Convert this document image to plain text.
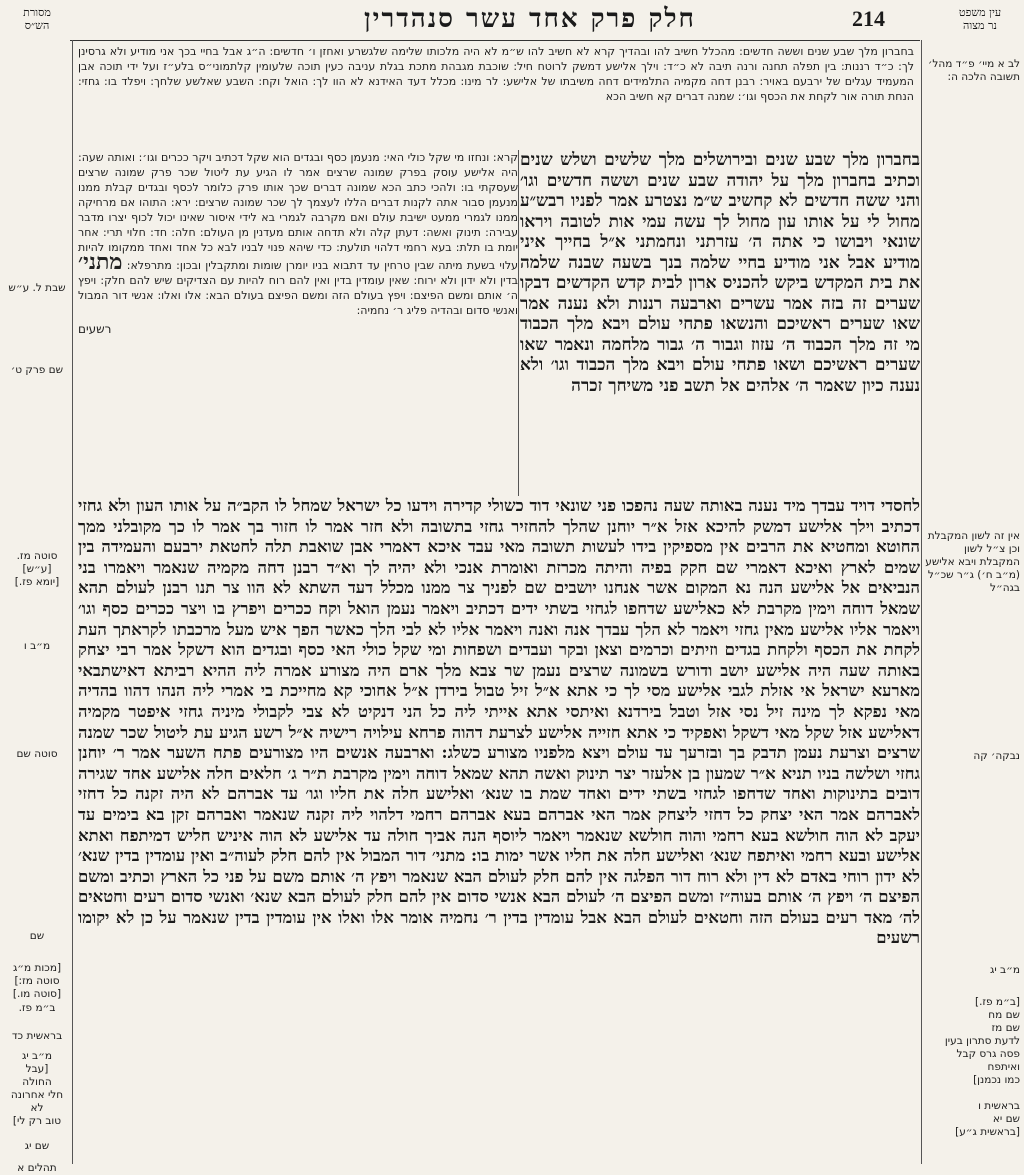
מסורת
הש״ס	חלק פרק אחד עשר סנהדרין	214	עין משפט
נר מצוה

בחברון מלך שבע שנים וששה חדשים: מהכלל חשיב להו ובהדיך קרא לא חשיב להו ש״מ לא היה מלכותו שלימה שלגשרע ואחזן ו׳ חדשים: ה״ג אבל בחיי בכך אני מודיע ולא גרסינן לך: כ״ד רננות: בין תפלה תחנה ורנה תיבה לא כ״ד: וילך אלישע דמשק לרוטח חיל: שוכבת מגבהת מתכת בגלת עניבה כעין תוכה שלעומין קלתמוני״ס בלע״ז ועל ידי תוכה אבן המעמיד עגלים של ירבעם באויר: רבנן דחה מקמיה התלמידים דחה משיבתו של אלישע: לר מינו: מכלל דעד האידנא לא הוו לך: הואל וקח: השבע שאלשע שלחך: ויפלד בו: גחזי: הנחת תורה אור לקחת את הכסף וגו׳: שמנה דברים קא חשיב הכא

קרא: ונחזו מי שקל כולי האי: מנעמן כסף ובגדים הוא שקל דכתיב ויקר ככרים וגו׳: ואותה שעה: היה אלישע עוסק בפרק שמונה שרצים אמר לו הגיע עת ליטול שכר פרק שמונה שרצים שעסקתי בו: ולהכי כתב הכא שמונה דברים שכך אותו פרק כלומר לכסף ובגדים קבלת ממנו מנעמן סבור אתה לקנות דברים הללו לעצמך לך שכר שמונה שרצים: ירא: התוהו אם מרחיקה ממנו לגמרי ממעט ישיבת עולם ואם מקרבה לגמרי בא לידי איסור שאינו יכול לכוף יצרו מדבר עבירה: תינוק ואשה: דעתן קלה ולא תדחה אותם מעדנין מן העולם: חלה: חד: חלוי תרי: אחר יומת בו תלת: בעא רחמי דלהוי תולעת: כדי שיהא פנוי לבניו לבא כל אחד ואחד ממקומו להיות עלוי בשעת מיתה שבין טרחין עד דתבוא בניו יומרן שומות ומתקבלין ובכון: מתרפלא: מתני׳ בדין ולא ידון ולא ירוח: שאין עומדין בדין ואין להם רוח להיות עם הצדיקים שיש להם חלק: ויפץ ה׳ אותם ומשם הפיצם: ויפץ בעולם הזה ומשם הפיצם בעולם הבא: אלו ואלו: אנשי דור המבול ואנשי סדום ובהדיה פליג ר׳ נחמיה:

רשעים

בחברון מלך שבע שנים ובירושלים מלך שלשים ושלש שנים וכתיב בחברון מלך על יהודה שבע שנים וששה חדשים וגו׳ והני ששה חדשים לא קחשיב ש״מ נצטרע אמר לפניו רבש״ע מחול לי על אותו עון מחול לך עשה עמי אות לטובה ויראו שונאי ויבושו כי אתה ה׳ עזרתני ונחמתני א״ל בחייך איני מודיע אבל אני מודיע בחיי שלמה בנך בשעה שבנה שלמה את בית המקדש ביקש להכניס ארון לבית קדש הקדשים דבקו שערים זה בזה אמר עשרים וארבעה רננות ולא נענה אמר שאו שערים ראשיכם והנשאו פתחי עולם ויבא מלך הכבוד מי זה מלך הכבוד ה׳ עזוז וגבור ה׳ גבור מלחמה ונאמר שאו שערים ראשיכם ושאו פתחי עולם ויבא מלך הכבוד וגו׳ ולא נענה כיון שאמר ה׳ אלהים אל תשב פני משיחך זכרה

לחסדי דויד עבדך מיד נענה באותה שעה נהפכו פני שונאי דוד כשולי קדירה וידעו כל ישראל שמחל לו הקב״ה על אותו העון ולא גחזי דכתיב וילך אלישע דמשק להיכא אזל א״ר יוחנן שהלך להחזיר גחזי בתשובה ולא חזר אמר לו חזור בך אמר לו כך מקובלני ממך החוטא ומחטיא את הרבים אין מספיקין בידו לעשות תשובה מאי עבד איכא דאמרי אבן שואבת תלה לחטאת ירבעם והעמידה בין שמים לארץ ואיכא דאמרי שם חקק בפיה והיתה מכרזת ואומרת אנכי ולא יהיה לך וא״ד רבנן דחה מקמיה שנאמר ויאמרו בני הנביאים אל אלישע הנה נא המקום אשר אנחנו יושבים שם לפניך צר ממנו מכלל דעד השתא לא הוו צר תנו רבנן לעולם תהא שמאל דוחה וימין מקרבת לא כאלישע שדחפו לגחזי בשתי ידים דכתיב ויאמר נעמן הואל וקח ככרים ויפרץ בו ויצר ככרים כסף וגו׳ ויאמר אליו אלישע מאין גחזי ויאמר לא הלך עבדך אנה ואנה ויאמר אליו לא לבי הלך כאשר הפך איש מעל מרכבתו לקראתך העת לקחת את הכסף ולקחת בגדים וזיתים וכרמים וצאן ובקר ועבדים ושפחות ומי שקל כולי האי כסף ובגדים הוא דשקל אמר רבי יצחק באותה שעה היה אלישע יושב ודורש בשמונה שרצים נעמן שר צבא מלך ארם היה מצורע אמרה ליה ההיא רביתא דאישתבאי מארעא ישראל אי אזלת לגבי אלישע מסי לך כי אתא א״ל זיל טבול בירדן א״ל אחוכי קא מחייכת בי אמרי ליה הנהו דהוו בהדיה מאי נפקא לך מינה זיל נסי אזל וטבל בירדנא ואיתסי אתא אייתי ליה כל הני דנקיט לא צבי לקבולי מיניה גחזי איפטר מקמיה דאלישע אזל שקל מאי דשקל ואפקיד כי אתא חזייה אלישע לצרעת דהוה פרחא עילויה רישיה א״ל רשע הגיע עת ליטול שכר שמנה שרצים וצרעת נעמן תדבק בך ובזרעך עד עולם ויצא מלפניו מצורע כשלג: וארבעה אנשים היו מצורעים פתח השער אמר ר׳ יוחנן גחזי ושלשה בניו תניא א״ר שמעון בן אלעזר יצר תינוק ואשה תהא שמאל דוחה וימין מקרבת ת״ר ג׳ חלאים חלה אלישע אחד שגירה דובים בתינוקות ואחד שדחפו לגחזי בשתי ידים ואחד שמת בו שנא׳ ואלישע חלה את חליו וגו׳ עד אברהם לא היה זקנה כל דחזי לאברהם אמר האי יצחק כל דחזי ליצחק אמר האי אברהם בעא אברהם רחמי דלהוי ליה זקנה שנאמר ואברהם זקן בא בימים עד יעקב לא הוה חולשא בעא רחמי והוה חולשא שנאמר ויאמר ליוסף הנה אביך חולה עד אלישע לא הוה איניש חליש דמיתפח ואתא אלישע ובעא רחמי ואיתפח שנא׳ ואלישע חלה את חליו אשר ימות בו: מתני׳ דור המבול אין להם חלק לעוה״ב ואין עומדין בדין שנא׳ לא ידון רוחי באדם לא דין ולא רוח דור הפלגה אין להם חלק לעולם הבא שנאמר ויפץ ה׳ אותם משם על פני כל הארץ וכתיב ומשם הפיצם ה׳ ויפץ ה׳ אותם בעוה״ז ומשם הפיצם ה׳ לעולם הבא אנשי סדום אין להם חלק לעולם הבא שנא׳ ואנשי סדום רעים וחטאים לה׳ מאד רעים בעולם הזה וחטאים לעולם הבא אבל עומדין בדין ר׳ נחמיה אומר אלו ואלו אין עומדין בדין שנאמר על כן לא יקומו רשעים

שבת ל. ע״ש
שם פרק ט׳
סוטה מז.
[ע״ש]
[יומא פז.]
מ״ב ו
סוטה שם
שם
[מכות מ״ג
סוטה מז:]
[סוטה מו.]
ב״מ פז.
בראשית כד
מ״ב יג
[עבל
החולה
חלי אחרונה
לא
טוב רק לי]
שם יג
תהלים א
לב א מיי׳ פ״ד מהל׳ תשובה הלכה ה:
אין זה לשון המקבלת וכן צ״ל לשון המקבלת ויבא אלישע (מ״ב ח׳) ג״ר שכ״ל בגה״ל
נבקה׳ קה
מ״ב יג
[ב״מ פז.]
שם מח
שם מז
לדעת סתרון בעין
פסה גרס קבל ואיתפח
כמו נכמנן]
בראשית ו
שם יא
[בראשית ג״ע]
